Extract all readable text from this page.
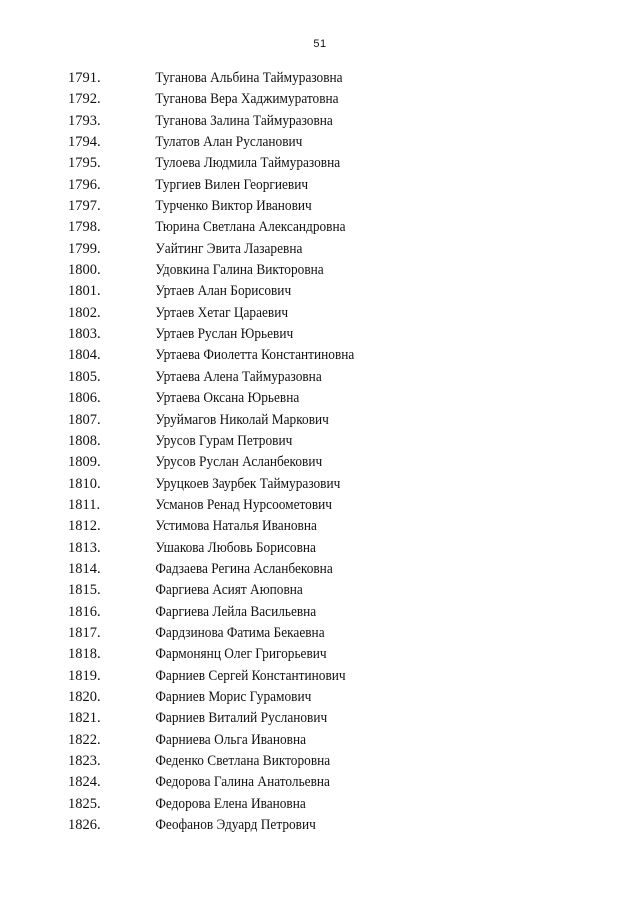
51
1791.	Туганова Альбина Таймуразовна
1792.	Туганова Вера Хаджимуратовна
1793.	Туганова Залина Таймуразовна
1794.	Тулатов Алан Русланович
1795.	Тулоева Людмила Таймуразовна
1796.	Тургиев Вилен Георгиевич
1797.	Турченко Виктор Иванович
1798.	Тюрина Светлана Александровна
1799.	Уайтинг Эвита Лазаревна
1800.	Удовкина Галина Викторовна
1801.	Уртаев Алан Борисович
1802.	Уртаев Хетаг Цараевич
1803.	Уртаев Руслан Юрьевич
1804.	Уртаева Фиолетта Константиновна
1805.	Уртаева Алена Таймуразовна
1806.	Уртаева Оксана Юрьевна
1807.	Уруймагов Николай Маркович
1808.	Урусов Гурам Петрович
1809.	Урусов Руслан Асланбекович
1810.	Уруцкоев Заурбек Таймуразович
1811.	Усманов Ренад Нурсоометович
1812.	Устимова Наталья Ивановна
1813.	Ушакова Любовь Борисовна
1814.	Фадзаева Регина Асланбековна
1815.	Фаргиева Асият Аюповна
1816.	Фаргиева Лейла Васильевна
1817.	Фардзинова Фатима Бекаевна
1818.	Фармонянц Олег Григорьевич
1819.	Фарниев Сергей Константинович
1820.	Фарниев Морис Гурамович
1821.	Фарниев Виталий Русланович
1822.	Фарниева Ольга Ивановна
1823.	Феденко Светлана Викторовна
1824.	Федорова Галина Анатольевна
1825.	Федорова Елена Ивановна
1826.	Феофанов Эдуард Петрович
